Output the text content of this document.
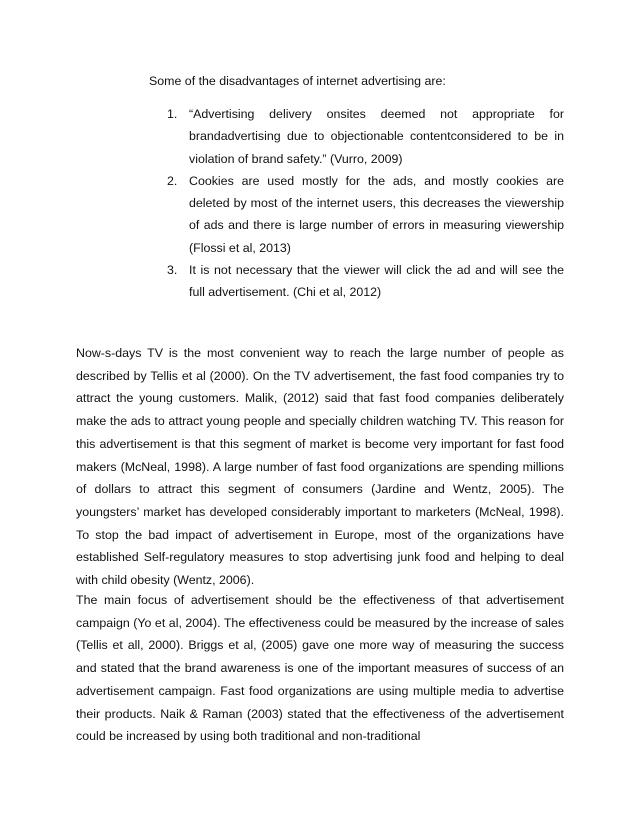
Some of the disadvantages of internet advertising are:
1. “Advertising delivery onsites deemed not appropriate for brandadvertising due to objectionable contentconsidered to be in violation of brand safety.” (Vurro, 2009)
2. Cookies are used mostly for the ads, and mostly cookies are deleted by most of the internet users, this decreases the viewership of ads and there is large number of errors in measuring viewership (Flossi et al, 2013)
3. It is not necessary that the viewer will click the ad and will see the full advertisement. (Chi et al, 2012)

Now-s-days TV is the most convenient way to reach the large number of people as described by Tellis et al (2000). On the TV advertisement, the fast food companies try to attract the young customers. Malik, (2012) said that fast food companies deliberately make the ads to attract young people and specially children watching TV. This reason for this advertisement is that this segment of market is become very important for fast food makers (McNeal, 1998). A large number of fast food organizations are spending millions of dollars to attract this segment of consumers (Jardine and Wentz, 2005). The youngsters’ market has developed considerably important to marketers (McNeal, 1998). To stop the bad impact of advertisement in Europe, most of the organizations have established Self-regulatory measures to stop advertising junk food and helping to deal with child obesity (Wentz, 2006).

The main focus of advertisement should be the effectiveness of that advertisement campaign (Yo et al, 2004). The effectiveness could be measured by the increase of sales (Tellis et all, 2000). Briggs et al, (2005) gave one more way of measuring the success and stated that the brand awareness is one of the important measures of success of an advertisement campaign. Fast food organizations are using multiple media to advertise their products. Naik & Raman (2003) stated that the effectiveness of the advertisement could be increased by using both traditional and non-traditional
